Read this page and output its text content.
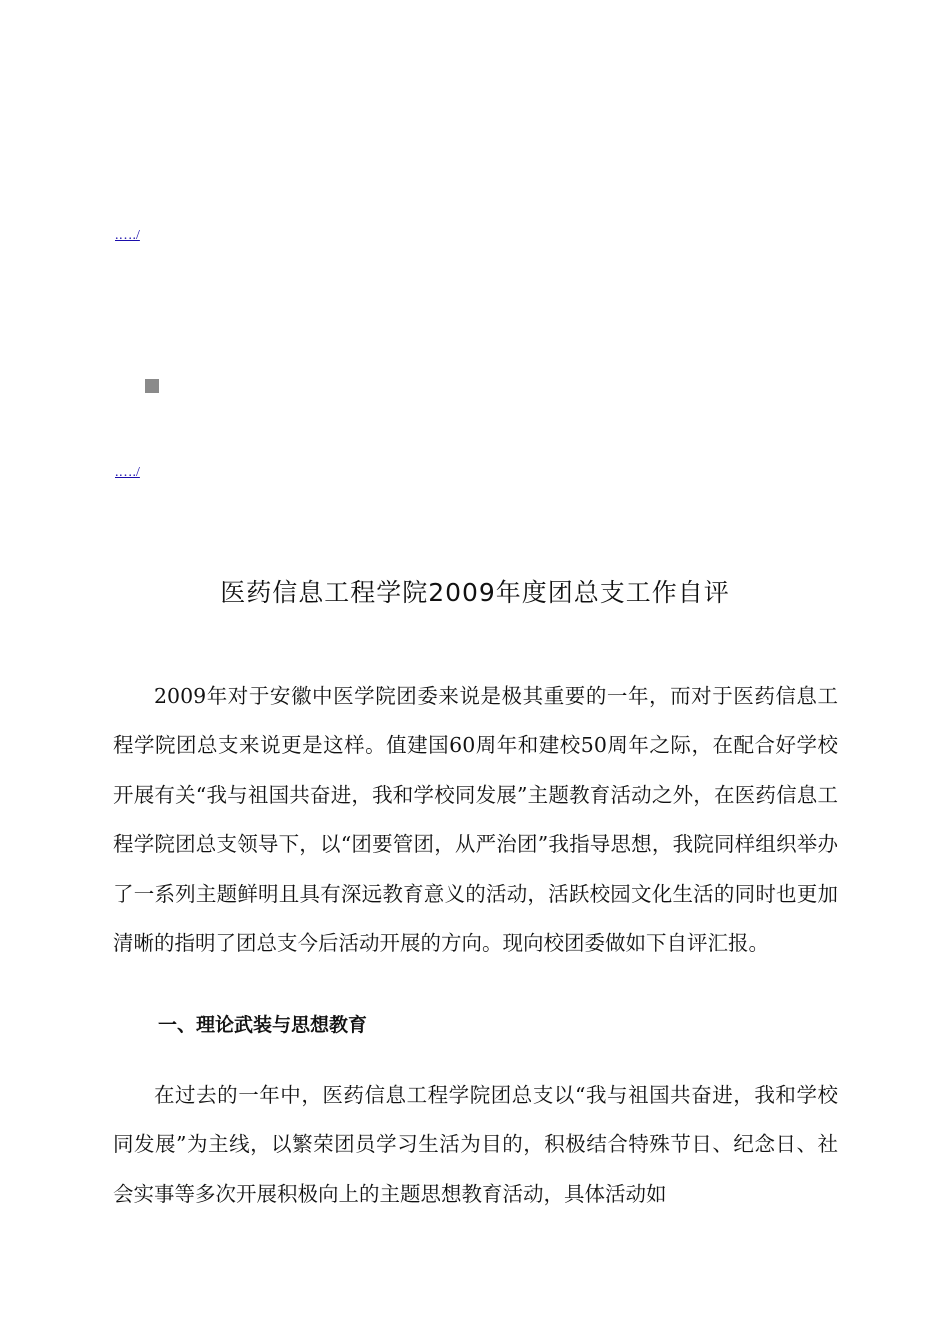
.…./
.…./
医药信息工程学院2009年度团总支工作自评

2009年对于安徽中医学院团委来说是极其重要的一年，而对于医药信息工程学院团总支来说更是这样。值建国60周年和建校50周年之际，在配合好学校开展有关“我与祖国共奋进，我和学校同发展”主题教育活动之外，在医药信息工程学院团总支领导下，以“团要管团，从严治团”我指导思想，我院同样组织举办了一系列主题鲜明且具有深远教育意义的活动，活跃校园文化生活的同时也更加清晰的指明了团总支今后活动开展的方向。现向校团委做如下自评汇报。

一、理论武装与思想教育

在过去的一年中，医药信息工程学院团总支以“我与祖国共奋进，我和学校同发展”为主线，以繁荣团员学习生活为目的，积极结合特殊节日、纪念日、社会实事等多次开展积极向上的主题思想教育活动，具体活动如
